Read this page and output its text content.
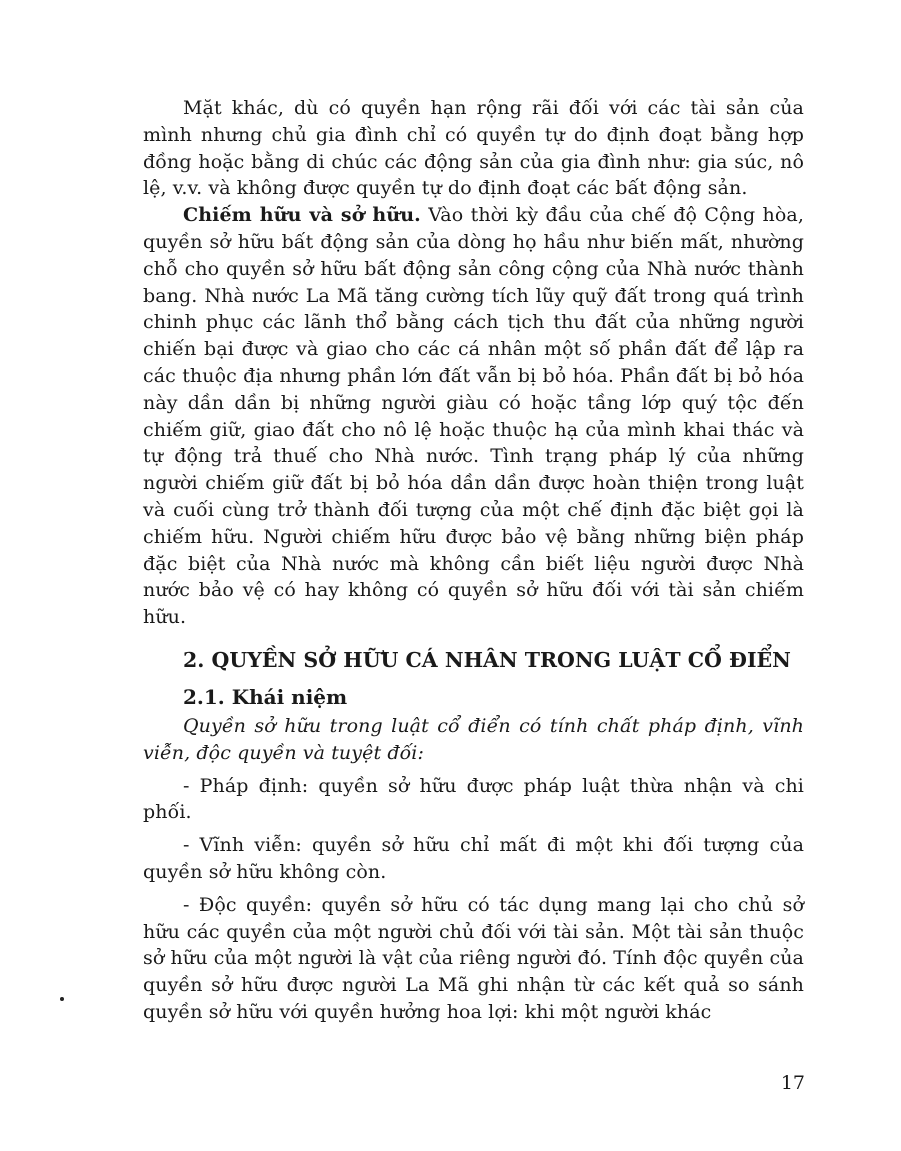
Mặt khác, dù có quyền hạn rộng rãi đối với các tài sản của mình nhưng chủ gia đình chỉ có quyền tự do định đoạt bằng hợp đồng hoặc bằng di chúc các động sản của gia đình như: gia súc, nô lệ, v.v. và không được quyền tự do định đoạt các bất động sản.

Chiếm hữu và sở hữu. Vào thời kỳ đầu của chế độ Cộng hòa, quyền sở hữu bất động sản của dòng họ hầu như biến mất, nhường chỗ cho quyền sở hữu bất động sản công cộng của Nhà nước thành bang. Nhà nước La Mã tăng cường tích lũy quỹ đất trong quá trình chinh phục các lãnh thổ bằng cách tịch thu đất của những người chiến bại được và giao cho các cá nhân một số phần đất để lập ra các thuộc địa nhưng phần lớn đất vẫn bị bỏ hóa. Phần đất bị bỏ hóa này dần dần bị những người giàu có hoặc tầng lớp quý tộc đến chiếm giữ, giao đất cho nô lệ hoặc thuộc hạ của mình khai thác và tự động trả thuế cho Nhà nước. Tình trạng pháp lý của những người chiếm giữ đất bị bỏ hóa dần dần được hoàn thiện trong luật và cuối cùng trở thành đối tượng của một chế định đặc biệt gọi là chiếm hữu. Người chiếm hữu được bảo vệ bằng những biện pháp đặc biệt của Nhà nước mà không cần biết liệu người được Nhà nước bảo vệ có hay không có quyền sở hữu đối với tài sản chiếm hữu.

2. QUYỀN SỞ HỮU CÁ NHÂN TRONG LUẬT CỔ ĐIỂN
2.1. Khái niệm

Quyền sở hữu trong luật cổ điển có tính chất pháp định, vĩnh viễn, độc quyền và tuyệt đối:

- Pháp định: quyền sở hữu được pháp luật thừa nhận và chi phối.

- Vĩnh viễn: quyền sở hữu chỉ mất đi một khi đối tượng của quyền sở hữu không còn.

- Độc quyền: quyền sở hữu có tác dụng mang lại cho chủ sở hữu các quyền của một người chủ đối với tài sản. Một tài sản thuộc sở hữu của một người là vật của riêng người đó. Tính độc quyền của quyền sở hữu được người La Mã ghi nhận từ các kết quả so sánh quyền sở hữu với quyền hưởng hoa lợi: khi một người khác

17
